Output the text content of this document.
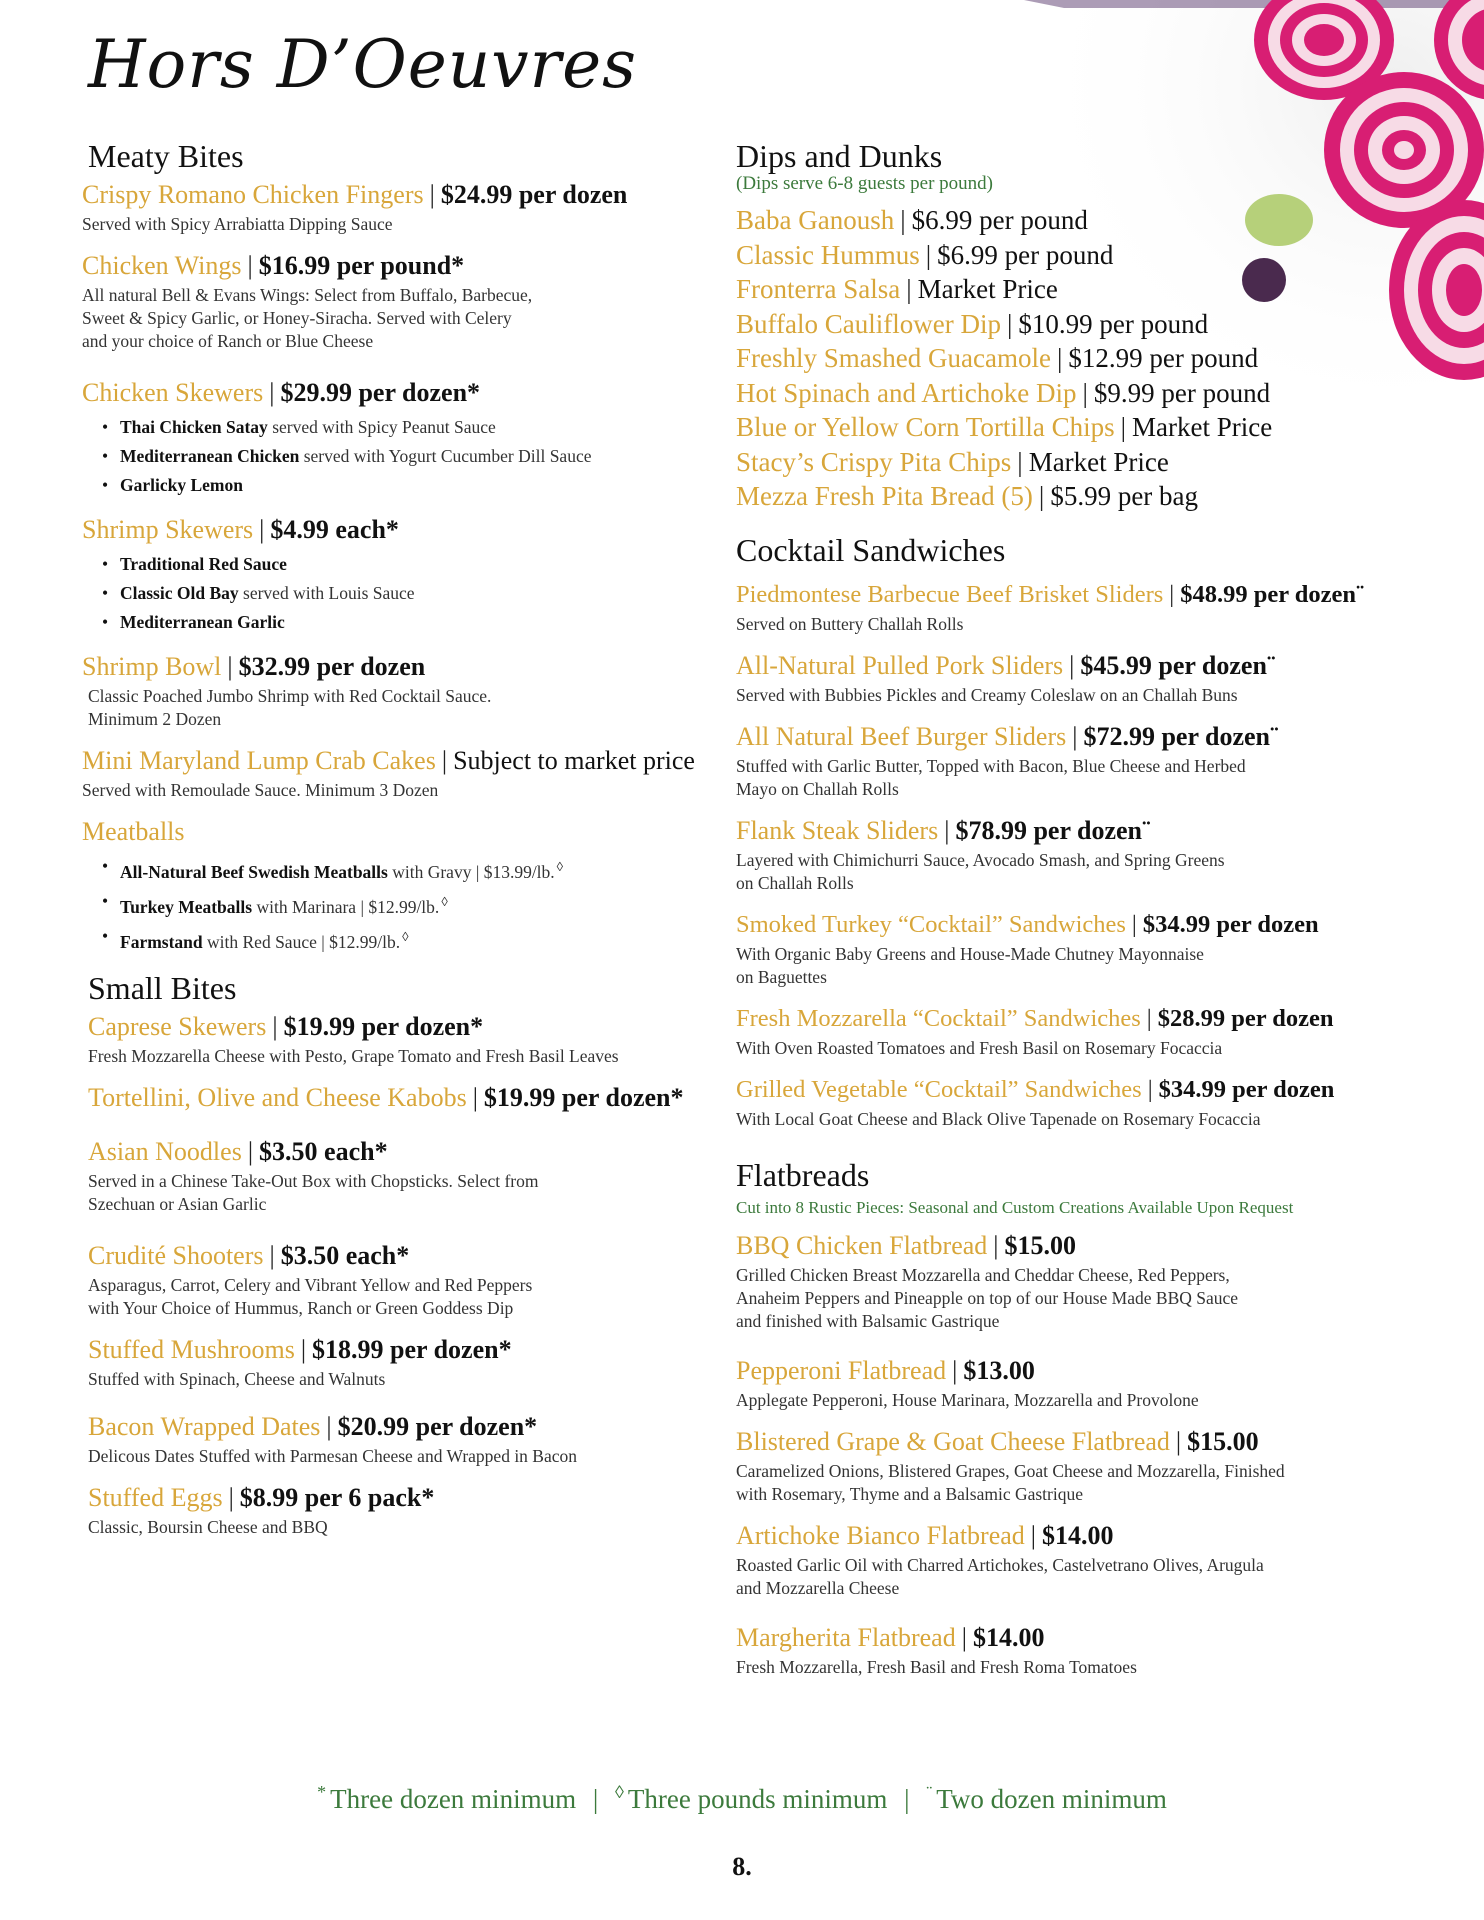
Hors D’Oeuvres
Meaty Bites
Crispy Romano Chicken Fingers | $24.99 per dozen
Served with Spicy Arrabiatta Dipping Sauce
Chicken Wings | $16.99 per pound*
All natural Bell & Evans Wings: Select from Buffalo, Barbecue,
Sweet & Spicy Garlic, or Honey-Siracha. Served with Celery
and your choice of Ranch or Blue Cheese
Chicken Skewers | $29.99 per dozen*
• Thai Chicken Satay served with Spicy Peanut Sauce
• Mediterranean Chicken served with Yogurt Cucumber Dill Sauce
• Garlicky Lemon
Shrimp Skewers | $4.99 each*
• Traditional Red Sauce
• Classic Old Bay served with Louis Sauce
• Mediterranean Garlic
Shrimp Bowl | $32.99 per dozen
Classic Poached Jumbo Shrimp with Red Cocktail Sauce.
Minimum 2 Dozen
Mini Maryland Lump Crab Cakes | Subject to market price
Served with Remoulade Sauce. Minimum 3 Dozen
Meatballs
• All-Natural Beef Swedish Meatballs with Gravy | $13.99/lb. ◊
• Turkey Meatballs with Marinara | $12.99/lb. ◊
• Farmstand with Red Sauce | $12.99/lb. ◊
Small Bites
Caprese Skewers | $19.99 per dozen*
Fresh Mozzarella Cheese with Pesto, Grape Tomato and Fresh Basil Leaves
Tortellini, Olive and Cheese Kabobs | $19.99 per dozen*
Asian Noodles | $3.50 each*
Served in a Chinese Take-Out Box with Chopsticks. Select from
Szechuan or Asian Garlic
Crudité Shooters | $3.50 each*
Asparagus, Carrot, Celery and Vibrant Yellow and Red Peppers
with Your Choice of Hummus, Ranch or Green Goddess Dip
Stuffed Mushrooms | $18.99 per dozen*
Stuffed with Spinach, Cheese and Walnuts
Bacon Wrapped Dates | $20.99 per dozen*
Delicous Dates Stuffed with Parmesan Cheese and Wrapped in Bacon
Stuffed Eggs | $8.99 per 6 pack*
Classic, Boursin Cheese and BBQ
Dips and Dunks
(Dips serve 6-8 guests per pound)
Baba Ganoush | $6.99 per pound
Classic Hummus | $6.99 per pound
Fronterra Salsa | Market Price
Buffalo Cauliflower Dip | $10.99 per pound
Freshly Smashed Guacamole | $12.99 per pound
Hot Spinach and Artichoke Dip | $9.99 per pound
Blue or Yellow Corn Tortilla Chips | Market Price
Stacy’s Crispy Pita Chips | Market Price
Mezza Fresh Pita Bread (5) | $5.99 per bag
Cocktail Sandwiches
Piedmontese Barbecue Beef Brisket Sliders | $48.99 per dozen¨
Served on Buttery Challah Rolls
All-Natural Pulled Pork Sliders | $45.99 per dozen¨
Served with Bubbies Pickles and Creamy Coleslaw on an Challah Buns
All Natural Beef Burger Sliders | $72.99 per dozen¨
Stuffed with Garlic Butter, Topped with Bacon, Blue Cheese and Herbed
Mayo on Challah Rolls
Flank Steak Sliders | $78.99 per dozen¨
Layered with Chimichurri Sauce, Avocado Smash, and Spring Greens
on Challah Rolls
Smoked Turkey “Cocktail” Sandwiches | $34.99 per dozen
With Organic Baby Greens and House-Made Chutney Mayonnaise
on Baguettes
Fresh Mozzarella “Cocktail” Sandwiches | $28.99 per dozen
With Oven Roasted Tomatoes and Fresh Basil on Rosemary Focaccia
Grilled Vegetable “Cocktail” Sandwiches | $34.99 per dozen
With Local Goat Cheese and Black Olive Tapenade on Rosemary Focaccia
Flatbreads
Cut into 8 Rustic Pieces: Seasonal and Custom Creations Available Upon Request
BBQ Chicken Flatbread | $15.00
Grilled Chicken Breast Mozzarella and Cheddar Cheese, Red Peppers,
Anaheim Peppers and Pineapple on top of our House Made BBQ Sauce
and finished with Balsamic Gastrique
Pepperoni Flatbread | $13.00
Applegate Pepperoni, House Marinara, Mozzarella and Provolone
Blistered Grape & Goat Cheese Flatbread | $15.00
Caramelized Onions, Blistered Grapes, Goat Cheese and Mozzarella, Finished
with Rosemary, Thyme and a Balsamic Gastrique
Artichoke Bianco Flatbread | $14.00
Roasted Garlic Oil with Charred Artichokes, Castelvetrano Olives, Arugula
and Mozzarella Cheese
Margherita Flatbread | $14.00
Fresh Mozzarella, Fresh Basil and Fresh Roma Tomatoes
* Three dozen minimum | ◊ Three pounds minimum | ¨ Two dozen minimum
8.
